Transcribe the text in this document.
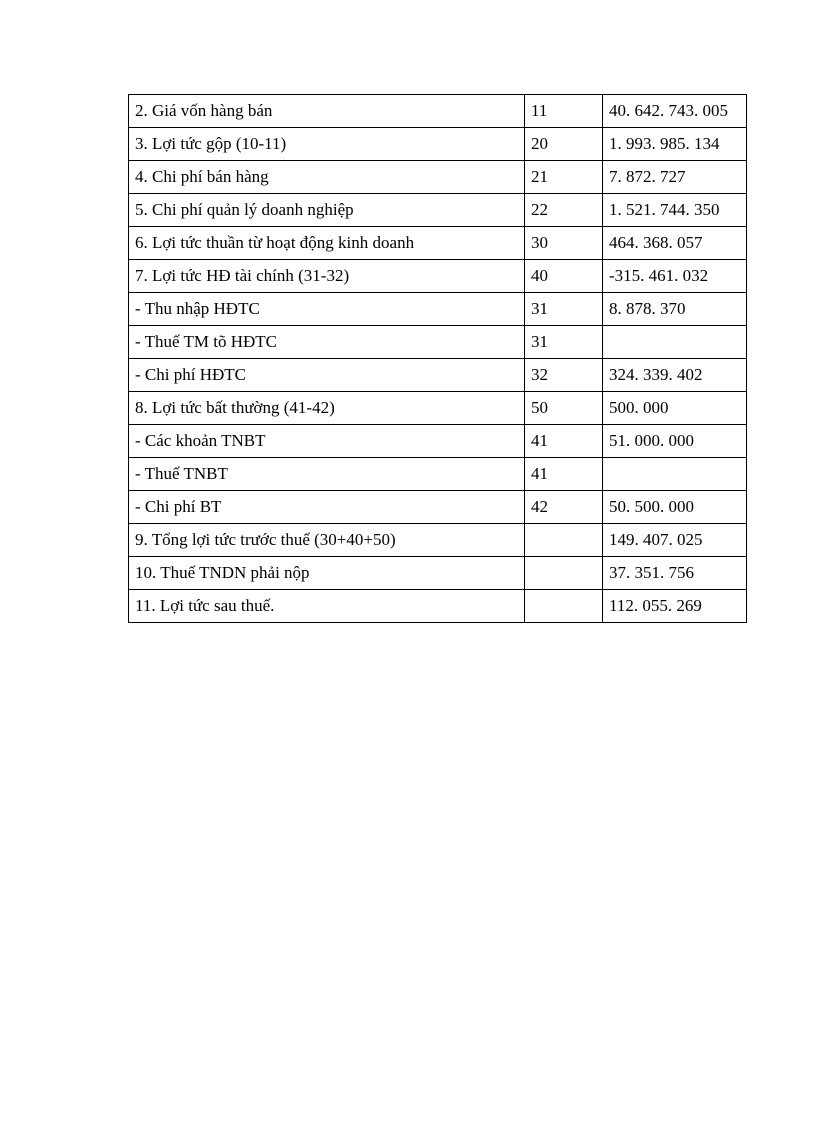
2. Giá vốn hàng bán	11	40. 642. 743. 005
3. Lợi tức gộp (10-11)	20	1. 993. 985. 134
4. Chi phí bán hàng	21	7. 872. 727
5. Chi phí quản lý doanh nghiệp	22	1. 521. 744. 350
6. Lợi tức thuần từ hoạt động kinh doanh	30	464. 368. 057
7. Lợi tức HĐ tài chính (31-32)	40	-315. 461. 032
- Thu nhập HĐTC	31	8. 878. 370
- Thuế TM tõ HĐTC	31	
- Chi phí HĐTC	32	324. 339. 402
8. Lợi tức bất thường (41-42)	50	500. 000
- Các khoản TNBT	41	51. 000. 000
- Thuế TNBT	41	
- Chi phí BT	42	50. 500. 000
9. Tổng lợi tức trước thuế (30+40+50)		149. 407. 025
10. Thuế TNDN phải nộp		37. 351. 756
11. Lợi tức sau thuế.		112. 055. 269
